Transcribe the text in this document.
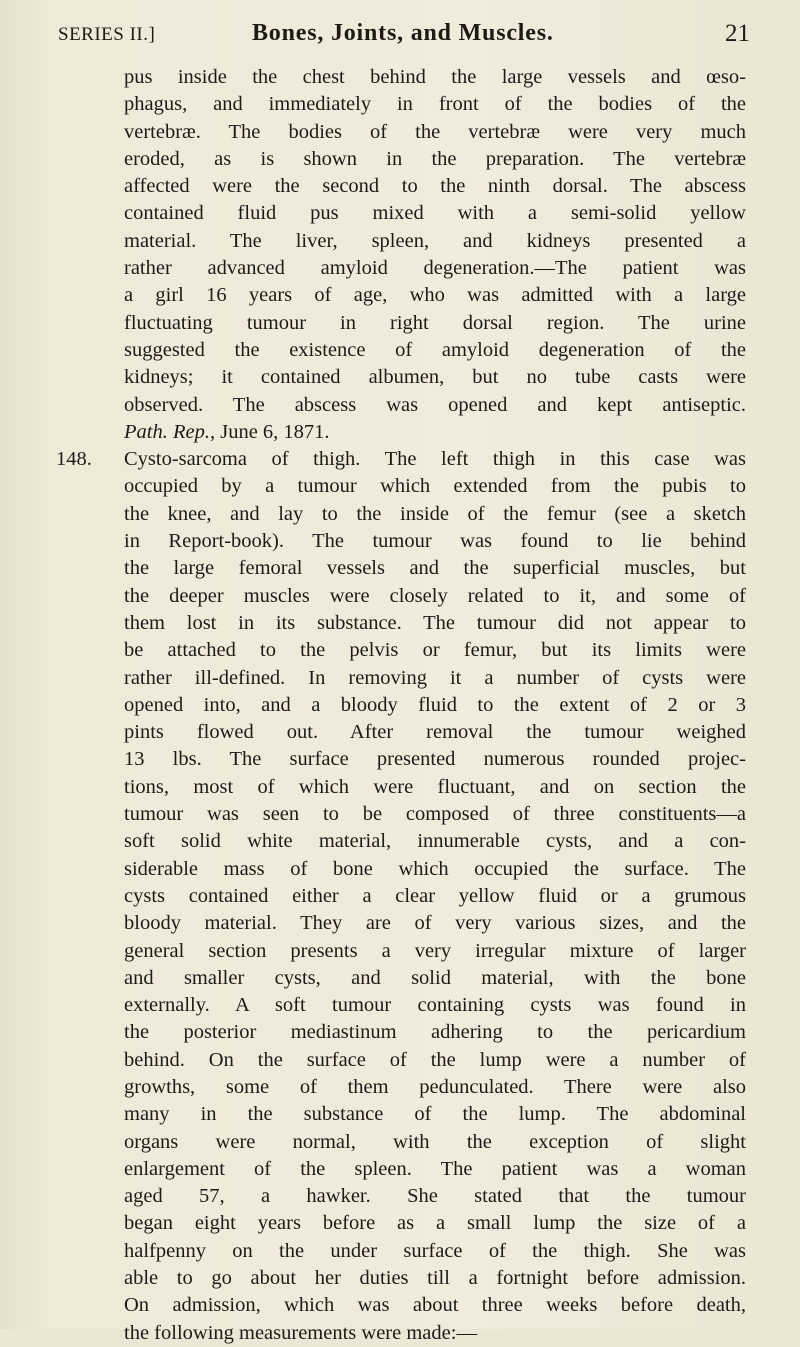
SERIES II.]	Bones, Joints, and Muscles.	21
pus inside the chest behind the large vessels and œso-
phagus, and immediately in front of the bodies of the
vertebræ. The bodies of the vertebræ were very much
eroded, as is shown in the preparation. The vertebræ
affected were the second to the ninth dorsal. The abscess
contained fluid pus mixed with a semi-solid yellow
material. The liver, spleen, and kidneys presented a
rather advanced amyloid degeneration.—The patient was
a girl 16 years of age, who was admitted with a large
fluctuating tumour in right dorsal region. The urine
suggested the existence of amyloid degeneration of the
kidneys; it contained albumen, but no tube casts were
observed. The abscess was opened and kept antiseptic.
Path. Rep., June 6, 1871.
148.	Cysto-sarcoma of thigh. The left thigh in this case was
occupied by a tumour which extended from the pubis to
the knee, and lay to the inside of the femur (see a sketch
in Report-book). The tumour was found to lie behind
the large femoral vessels and the superficial muscles, but
the deeper muscles were closely related to it, and some of
them lost in its substance. The tumour did not appear to
be attached to the pelvis or femur, but its limits were
rather ill-defined. In removing it a number of cysts were
opened into, and a bloody fluid to the extent of 2 or 3
pints flowed out. After removal the tumour weighed
13 lbs. The surface presented numerous rounded projec-
tions, most of which were fluctuant, and on section the
tumour was seen to be composed of three constituents—a
soft solid white material, innumerable cysts, and a con-
siderable mass of bone which occupied the surface. The
cysts contained either a clear yellow fluid or a grumous
bloody material. They are of very various sizes, and the
general section presents a very irregular mixture of larger
and smaller cysts, and solid material, with the bone
externally. A soft tumour containing cysts was found in
the posterior mediastinum adhering to the pericardium
behind. On the surface of the lump were a number of
growths, some of them pedunculated. There were also
many in the substance of the lump. The abdominal
organs were normal, with the exception of slight
enlargement of the spleen. The patient was a woman
aged 57, a hawker. She stated that the tumour
began eight years before as a small lump the size of a
halfpenny on the under surface of the thigh. She was
able to go about her duties till a fortnight before admission.
On admission, which was about three weeks before death,
the following measurements were made:—
